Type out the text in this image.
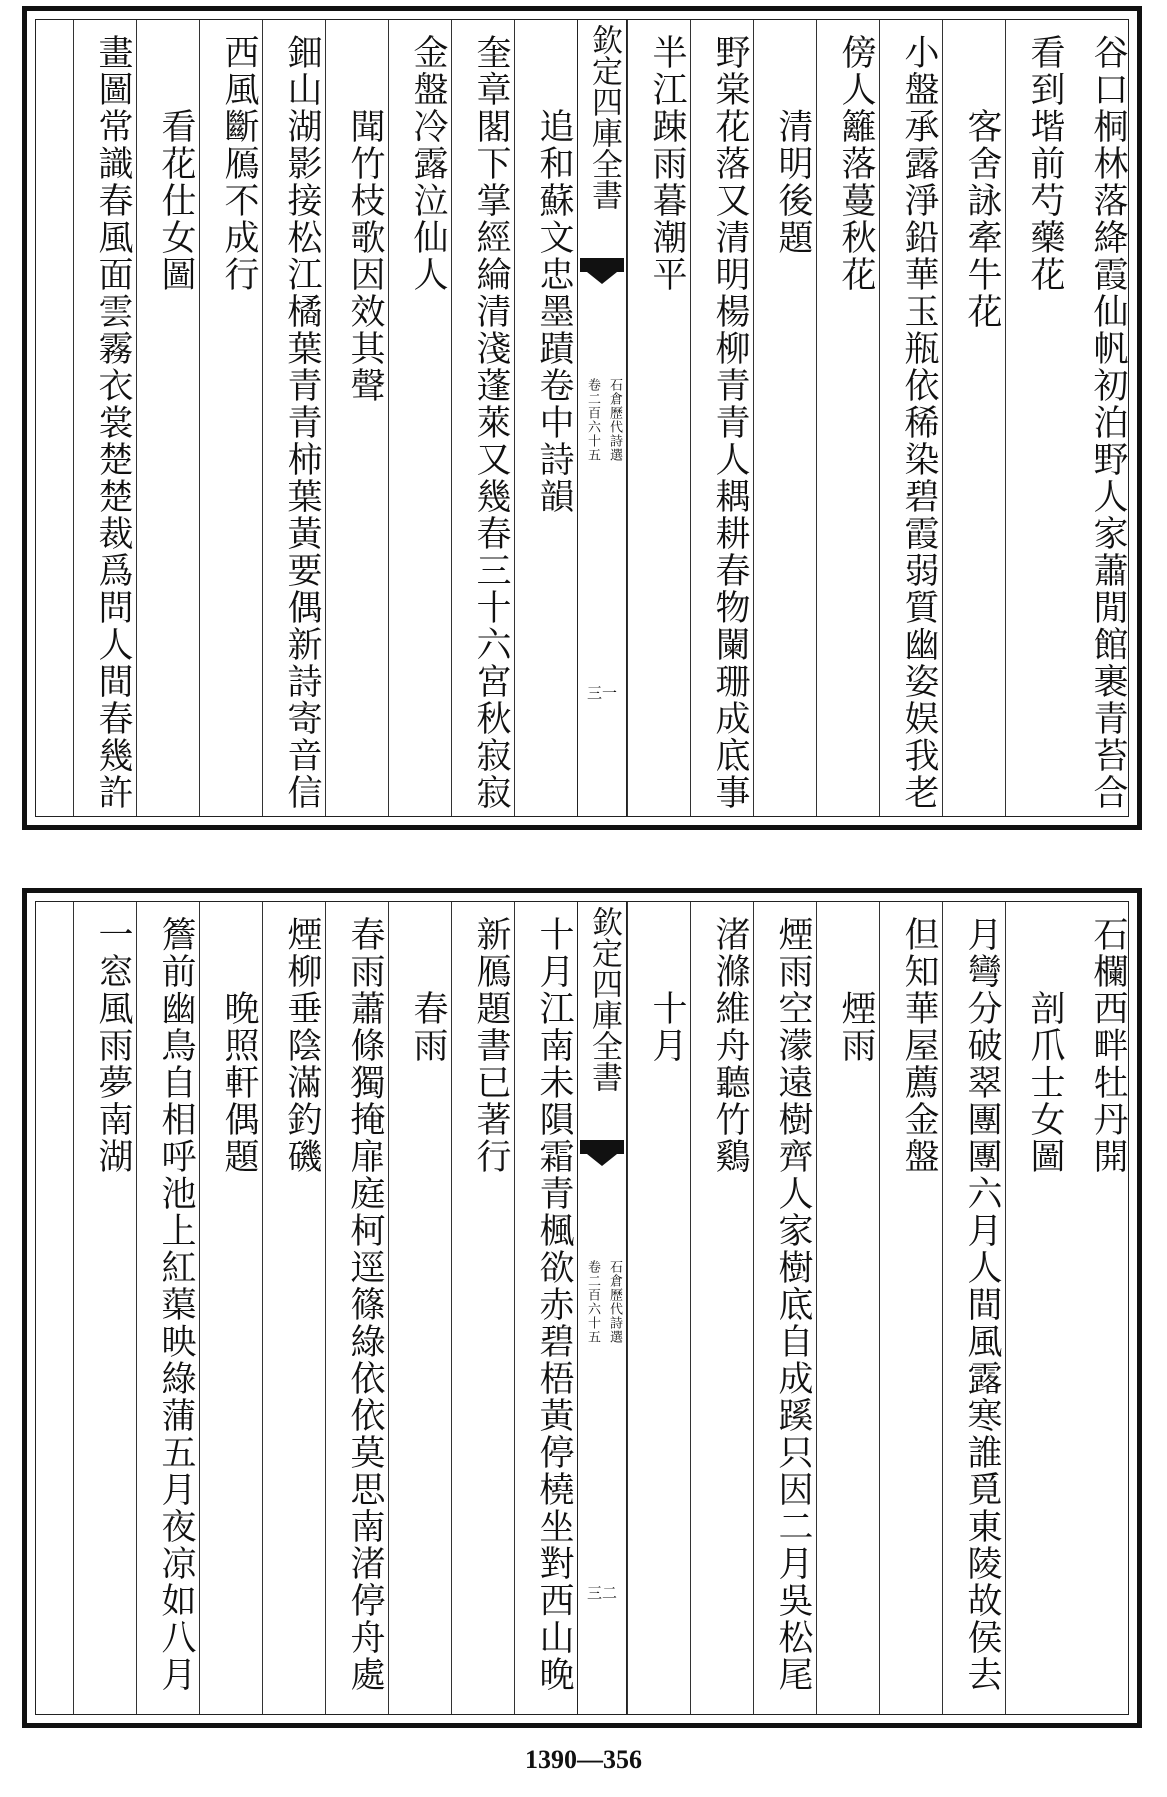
谷口桐林落絳霞仙帆初泊野人家蕭閒館裹青苔合
看到堦前芍藥花
　　客舍詠牽牛花
小盤承露淨鉛華玉瓶依稀染碧霞弱質幽姿娱我老
傍人籬落蔓秋花
　　清明後題
野棠花落又清明楊柳青青人耦耕春物闌珊成底事
半江踈雨暮潮平
欽定四庫全書
石倉歷代詩選
卷二百六十五
三一
　　追和蘇文忠墨蹟卷中詩韻
奎章閣下掌經綸清淺蓬萊又幾春三十六宮秋寂寂
金盤冷露泣仙人
　　聞竹枝歌因效其聲
鈿山湖影接松江橘葉青青柿葉黃要偶新詩寄音信
西風斷鴈不成行
　　看花仕女圖
畫圖常識春風面雲霧衣裳楚楚裁爲問人間春幾許
石欄西畔牡丹開
　　剖爪士女圖
月彎分破翠團團六月人間風露寒誰覓東陵故侯去
但知華屋薦金盤
　　煙雨
煙雨空濛遠樹齊人家樹底自成蹊只因二月吳松尾
渚滌維舟聽竹鷄
　　十月
欽定四庫全書
石倉歷代詩選
卷二百六十五
三二
十月江南未隕霜青楓欲赤碧梧黃停橈坐對西山晚
新鴈題書已著行
　　春雨
春雨蕭條獨掩扉庭柯逕篠綠依依莫思南渚停舟處
煙柳垂陰滿釣磯
　　晚照軒偶題
簷前幽鳥自相呼池上紅蕖映綠蒲五月夜凉如八月
一窓風雨夢南湖
1390—356
